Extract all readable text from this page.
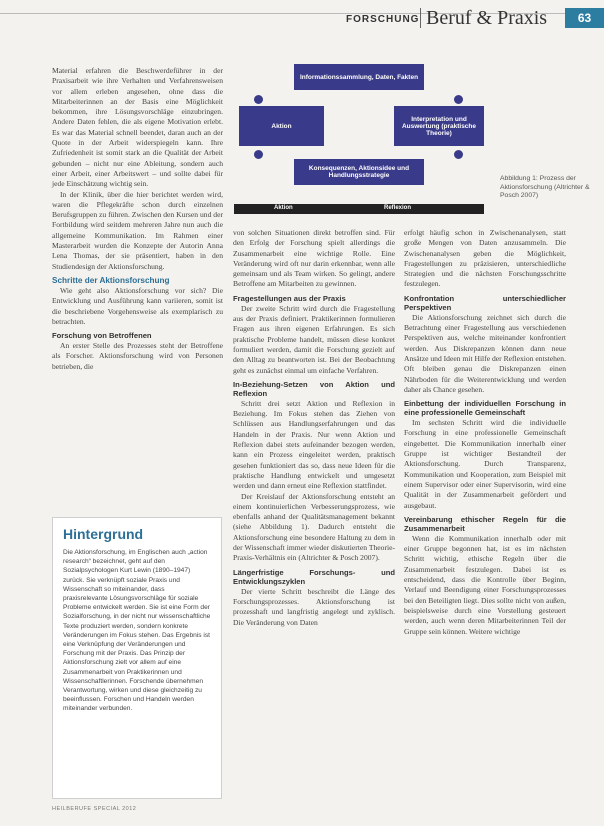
FORSCHUNG Beruf & Praxis	63

Material erfahren die Beschwerdeführer in der Praxisarbeit wie ihre Verhalten und Verfahrensweisen vor allem erleben angesehen, ohne dass die Mitarbeiterinnen an der Basis eine Möglichkeit bekommen, ihre Lösungsvorschläge einzubringen. Andere Daten fehlen, die als eigene Motivation erlebt. Es war das Material schnell beendet, daran auch an der Quote in der Arbeit widerspiegeln kann. Ihre Zufriedenheit ist somit stark an die Qualität der Arbeit gebunden – nicht nur eine Ableitung, sondern auch einer Arbeit, einer Arbeitswert – und sollte dabei für jede Einschätzung wichtig sein.

In der Klinik, über die hier berichtet werden wird, waren die Pflegekräfte schon durch einzelnen Berufsgruppen zu führen. Zwischen den Kursen und der Fortbildung wird seitdem mehreren Jahre nun auch die allgemeine Kommunikation. Im Rahmen einer Masterarbeit wurden die Konzepte der Autorin Anna Lena Thomas, der sie präsentiert, haben in den Studiendesign der Aktionsforschung.

Schritte der Aktionsforschung

Wie geht also Aktionsforschung vor sich? Die Entwicklung und Ausführung kann variieren, somit ist die beschriebene Vorgehensweise als exemplarisch zu betrachten.

Forschung von Betroffenen

An erster Stelle des Prozesses steht der Betroffene als Forscher. Aktionsforschung wird von Personen betrieben, die

Informationssammlung, Daten, Fakten
Aktion
Interpretation und Auswertung (praktische Theorie)
Konsequenzen, Aktionsidee und Handlungsstrategie
Aktion	Reflexion
Abbildung 1: Prozess der Aktionsforschung (Altrichter & Posch 2007)
Hintergrund

Die Aktionsforschung, im Englischen auch „action research“ bezeichnet, geht auf den Sozialpsychologen Kurt Lewin (1890–1947) zurück. Sie verknüpft soziale Praxis und Wissenschaft so miteinander, dass praxisrelevante Lösungsvorschläge für soziale Probleme entwickelt werden. Sie ist eine Form der Sozialforschung, in der nicht nur wissenschaftliche Texte produziert werden, sondern konkrete Veränderungen im Fokus stehen. Das Ergebnis ist eine Verknüpfung der Veränderungen und Forschung mit der Praxis. Das Prinzip der Aktionsforschung zielt vor allem auf eine Zusammenarbeit von Praktikerinnen und Wissenschaftlerinnen. Forschende übernehmen Verantwortung, wirken und diese gleichzeitig zu beeinflussen. Forschen und Handeln werden miteinander verbunden.

von solchen Situationen direkt betroffen sind. Für den Erfolg der Forschung spielt allerdings die Zusammenarbeit eine wichtige Rolle. Eine Veränderung wird oft nur darin erkennbar, wenn alle gemeinsam und als Team wirken. So gelingt, andere Betroffene am Mitarbeiten zu gewinnen.

Fragestellungen aus der Praxis

Der zweite Schritt wird durch die Fragestellung aus der Praxis definiert. Praktikerinnen formulieren Fragen aus ihren eigenen Erfahrungen. Es sich praktische Probleme handelt, müssen diese konkret formuliert werden, damit die Forschung gezielt auf den Alltag zu beantworten ist. Bei der Beobachtung geht es zunächst einmal um einfache Verfahren.

In-Beziehung-Setzen von Aktion und Reflexion

Schritt drei setzt Aktion und Reflexion in Beziehung. Im Fokus stehen das Ziehen von Schlüssen aus Handlungserfahrungen und das Handeln in der Praxis. Nur wenn Aktion und Reflexion dabei stets aufeinander bezogen werden, kann ein Prozess eingeleitet werden, praktisch gesehen funktioniert das so, dass neue Ideen für die praktische Handlung entwickelt und umgesetzt werden und dann erneut eine Reflexion stattfindet.

Der Kreislauf der Aktionsforschung entsteht an einem kontinuierlichen Verbesserungsprozess, wie ebenfalls anhand der Qualitätsmanagement bekannt (siehe Abbildung 1). Dadurch entsteht die Aktionsforschung eine besondere Haltung zu dem in der Wissenschaft immer wieder diskutierten Theorie-Praxis-Verhältnis ein (Altrichter & Posch 2007).

Längerfristige Forschungs- und Entwicklungszyklen

Der vierte Schritt beschreibt die Länge des Forschungsprozesses. Aktionsforschung ist prozesshaft und langfristig angelegt und zyklisch. Die Veränderung von Daten

erfolgt häufig schon in Zwischenanalysen, statt große Mengen von Daten anzusammeln. Die Zwischenanalysen geben die Möglichkeit, Fragestellungen zu präzisieren, unterschiedliche Strategien und die nächsten Forschungsschritte festzulegen.

Konfrontation unterschiedlicher Perspektiven

Die Aktionsforschung zeichnet sich durch die Betrachtung einer Fragestellung aus verschiedenen Perspektiven aus, welche miteinander konfrontiert werden. Aus Diskrepanzen können dann neue Ansätze und Ideen mit Hilfe der Reflexion entstehen. Oft bleiben genau die Diskrepanzen einen Nährboden für die Weiterentwicklung und werden daher als Chance gesehen.

Einbettung der individuellen Forschung in eine professionelle Gemeinschaft

Im sechsten Schritt wird die individuelle Forschung in eine professionelle Gemeinschaft eingebettet. Die Kommunikation innerhalb einer Gruppe ist wichtiger Bestandteil der Aktionsforschung. Durch Transparenz, Kommunikation und Kooperation, zum Beispiel mit einem Supervisor oder einer Supervisorin, wird eine Qualität in der Zusammenarbeit gefördert und ausgebaut.

Vereinbarung ethischer Regeln für die Zusammenarbeit

Wenn die Kommunikation innerhalb oder mit einer Gruppe begonnen hat, ist es im nächsten Schritt wichtig, ethische Regeln über die Zusammenarbeit festzulegen. Dabei ist es entscheidend, dass die Kontrolle über Beginn, Verlauf und Beendigung einer Forschungsprozesses bei den Beteiligten liegt. Dies sollte nicht von außen, beispielsweise durch eine Vorstellung gesteuert werden, auch wenn deren Mitarbeiterinnen Teil der Gruppe sein können. Weitere wichtige

HEILBERUFE SPECIAL 2012
